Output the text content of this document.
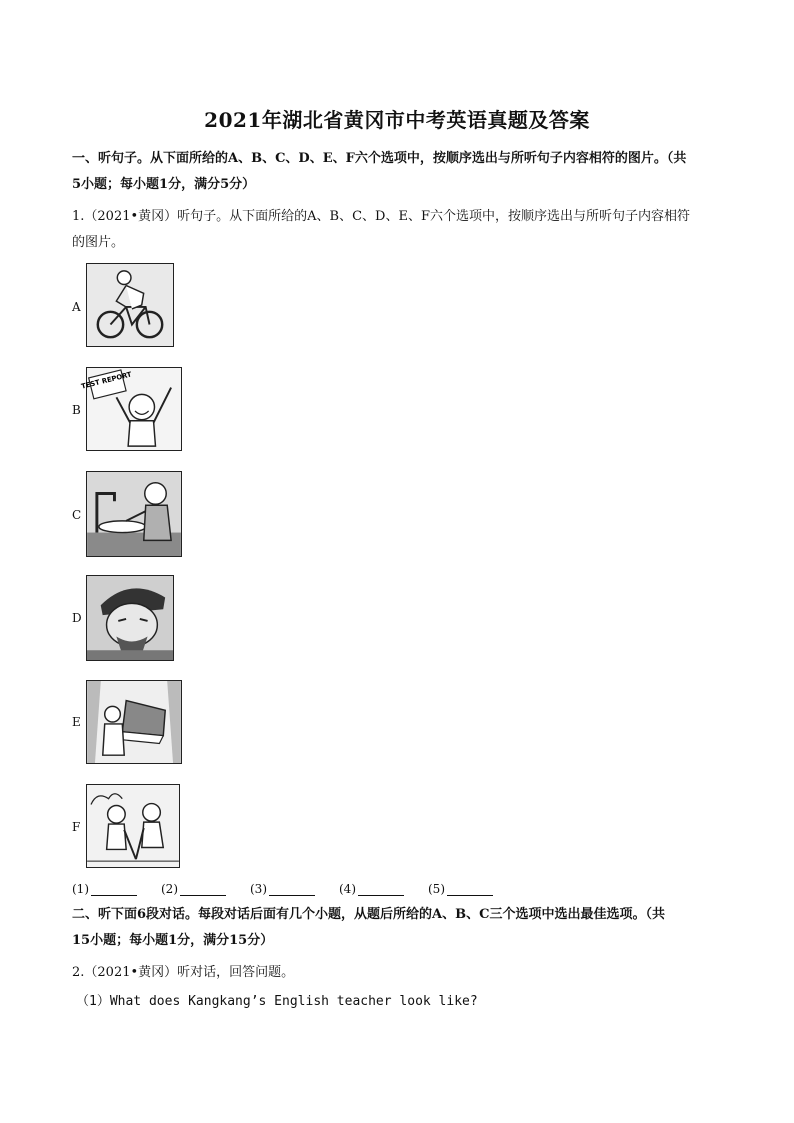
2021年湖北省黄冈市中考英语真题及答案
一、听句子。从下面所给的A、B、C、D、E、F六个选项中，按顺序选出与所听句子内容相符的图片。（共
5小题；每小题1分，满分5分）
1.（2021•黄冈）听句子。从下面所给的A、B、C、D、E、F六个选项中，按顺序选出与所听句子内容相符
的图片。
A
B
TEST REPORT
C
D
E
F
(1)	(2)	(3)	(4)	(5)
二、听下面6段对话。每段对话后面有几个小题，从题后所给的A、B、C三个选项中选出最佳选项。（共
15小题；每小题1分，满分15分）
2.（2021•黄冈）听对话，回答问题。
（1）What does Kangkang’s English teacher look like?
